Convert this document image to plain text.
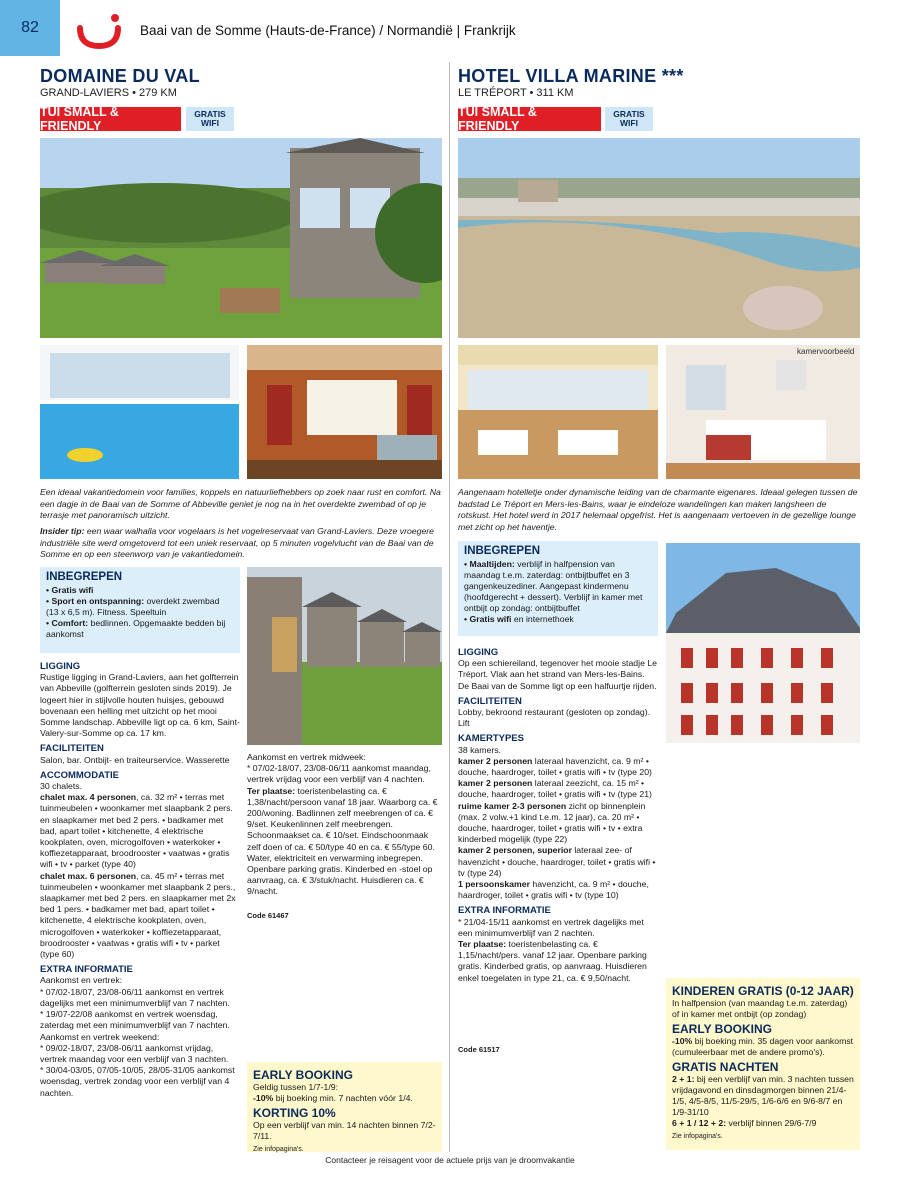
82	Baai van de Somme (Hauts-de-France) / Normandië | Frankrijk
DOMAINE DU VAL
GRAND-LAVIERS • 279 KM
TUI SMALL & FRIENDLY
GRATIS
WIFI

Een ideaal vakantiedomein voor families, koppels en natuurliefhebbers op zoek naar rust en comfort. Na een dagje in de Baai van de Somme of Abbeville geniet je nog na in het overdekte zwembad of op je terrasje met panoramisch uitzicht.

Insider tip: een waar walhalla voor vogelaars is het vogelreservaat van Grand-Laviers. Deze vroegere industriële site werd omgetoverd tot een uniek reservaat, op 5 minuten vogelvlucht van de Baai van de Somme en op een steenworp van je vakantiedomein.

INBEGREPEN

• Gratis wifi

• Sport en ontspanning: overdekt zwembad (13 x 6,5 m). Fitness. Speeltuin

• Comfort: bedlinnen. Opgemaakte bedden bij aankomst

LIGGING

Rustige ligging in Grand-Laviers, aan het golfterrein van Abbeville (golfterrein gesloten sinds 2019). Je logeert hier in stijlvolle houten huisjes, gebouwd bovenaan een helling met uitzicht op het mooi Somme landschap. Abbeville ligt op ca. 6 km, Saint-Valery-sur-Somme op ca. 17 km.

FACILITEITEN

Salon, bar. Ontbijt- en traiteurservice. Wasserette

ACCOMMODATIE

30 chalets.

chalet max. 4 personen, ca. 32 m² • terras met tuinmeubelen • woonkamer met slaapbank 2 pers. en slaapkamer met bed 2 pers. • badkamer met bad, apart toilet • kitchenette, 4 elektrische kookplaten, oven, microgolfoven • waterkoker • koffiezetapparaat, broodrooster • vaatwas • gratis wifi • tv • parket (type 40)

chalet max. 6 personen, ca. 45 m² • terras met tuinmeubelen • woonkamer met slaapbank 2 pers., slaapkamer met bed 2 pers. en slaapkamer met 2x bed 1 pers. • badkamer met bad, apart toilet • kitchenette, 4 elektrische kookplaten, oven, microgolfoven • waterkoker • koffiezetapparaat, broodrooster • vaatwas • gratis wifi • tv • parket (type 60)

EXTRA INFORMATIE

Aankomst en vertrek:

* 07/02-18/07, 23/08-06/11 aankomst en vertrek dagelijks met een minimumverblijf van 7 nachten.

* 19/07-22/08 aankomst en vertrek woensdag, zaterdag met een minimumverblijf van 7 nachten.

Aankomst en vertrek weekend:

* 09/02-18/07, 23/08-06/11 aankomst vrijdag, vertrek maandag voor een verblijf van 3 nachten.

* 30/04-03/05, 07/05-10/05, 28/05-31/05 aankomst woensdag, vertrek zondag voor een verblijf van 4 nachten.

Aankomst en vertrek midweek:

* 07/02-18/07, 23/08-06/11 aankomst maandag, vertrek vrijdag voor een verblijf van 4 nachten.

Ter plaatse: toeristenbelasting ca. € 1,38/nacht/persoon vanaf 18 jaar. Waarborg ca. € 200/woning. Badlinnen zelf meebrengen of ca. € 9/set. Keukenlinnen zelf meebrengen. Schoonmaakset ca. € 10/set. Eindschoonmaak zelf doen of ca. € 50/type 40 en ca. € 55/type 60. Water, elektriciteit en verwarming inbegrepen. Openbare parking gratis. Kinderbed en -stoel op aanvraag, ca. € 3/stuk/nacht. Huisdieren ca. € 9/nacht.

Code 61467
EARLY BOOKING

Geldig tussen 1/7-1/9:

-10% bij boeking min. 7 nachten vóór 1/4.

KORTING 10%

Op een verblijf van min. 14 nachten binnen 7/2-7/11.

Zie infopagina's.

HOTEL VILLA MARINE ***
LE TRÉPORT • 311 KM
TUI SMALL & FRIENDLY
GRATIS
WIFI
kamervoorbeeld

Aangenaam hotelletje onder dynamische leiding van de charmante eigenares. Ideaal gelegen tussen de badstad Le Tréport en Mers-les-Bains, waar je eindeloze wandelingen kan maken langsheen de rotskust. Het hotel werd in 2017 helemaal opgefrist. Het is aangenaam vertoeven in de gezellige lounge met zicht op het haventje.

INBEGREPEN

• Maaltijden: verblijf in halfpension van maandag t.e.m. zaterdag: ontbijtbuffet en 3 gangenkeuzediner. Aangepast kindermenu (hoofdgerecht + dessert). Verblijf in kamer met ontbijt op zondag: ontbijtbuffet

• Gratis wifi en internethoek

LIGGING

Op een schiereiland, tegenover het mooie stadje Le Tréport. Vlak aan het strand van Mers-les-Bains. De Baai van de Somme ligt op een halfuurtje rijden.

FACILITEITEN

Lobby, bekroond restaurant (gesloten op zondag). Lift

KAMERTYPES

38 kamers.

kamer 2 personen lateraal havenzicht, ca. 9 m² • douche, haardroger, toilet • gratis wifi • tv (type 20)

kamer 2 personen lateraal zeezicht, ca. 15 m² • douche, haardroger, toilet • gratis wifi • tv (type 21)

ruime kamer 2-3 personen zicht op binnenplein (max. 2 volw.+1 kind t.e.m. 12 jaar), ca. 20 m² • douche, haardroger, toilet • gratis wifi • tv • extra kinderbed mogelijk (type 22)

kamer 2 personen, superior lateraal zee- of havenzicht • douche, haardroger, toilet • gratis wifi • tv (type 24)

1 persoonskamer havenzicht, ca. 9 m² • douche, haardroger, toilet • gratis wifi • tv (type 10)

EXTRA INFORMATIE

* 21/04-15/11 aankomst en vertrek dagelijks met een minimumverblijf van 2 nachten.

Ter plaatse: toeristenbelasting ca. € 1,15/nacht/pers. vanaf 12 jaar. Openbare parking gratis. Kinderbed gratis, op aanvraag. Huisdieren enkel toegelaten in type 21, ca. € 9,50/nacht.

Code 61517
KINDEREN GRATIS (0-12 JAAR)

In halfpension (van maandag t.e.m. zaterdag) of in kamer met ontbijt (op zondag)

EARLY BOOKING

-10% bij boeking min. 35 dagen voor aankomst (cumuleerbaar met de andere promo's).

GRATIS NACHTEN

2 + 1: bij een verblijf van min. 3 nachten tussen vrijdagavond en dinsdagmorgen binnen 21/4-1/5, 4/5-8/5, 11/5-29/5, 1/6-6/6 en 9/6-8/7 en 1/9-31/10

6 + 1 / 12 + 2: verblijf binnen 29/6-7/9

Zie infopagina's.

Contacteer je reisagent voor de actuele prijs van je droomvakantie
